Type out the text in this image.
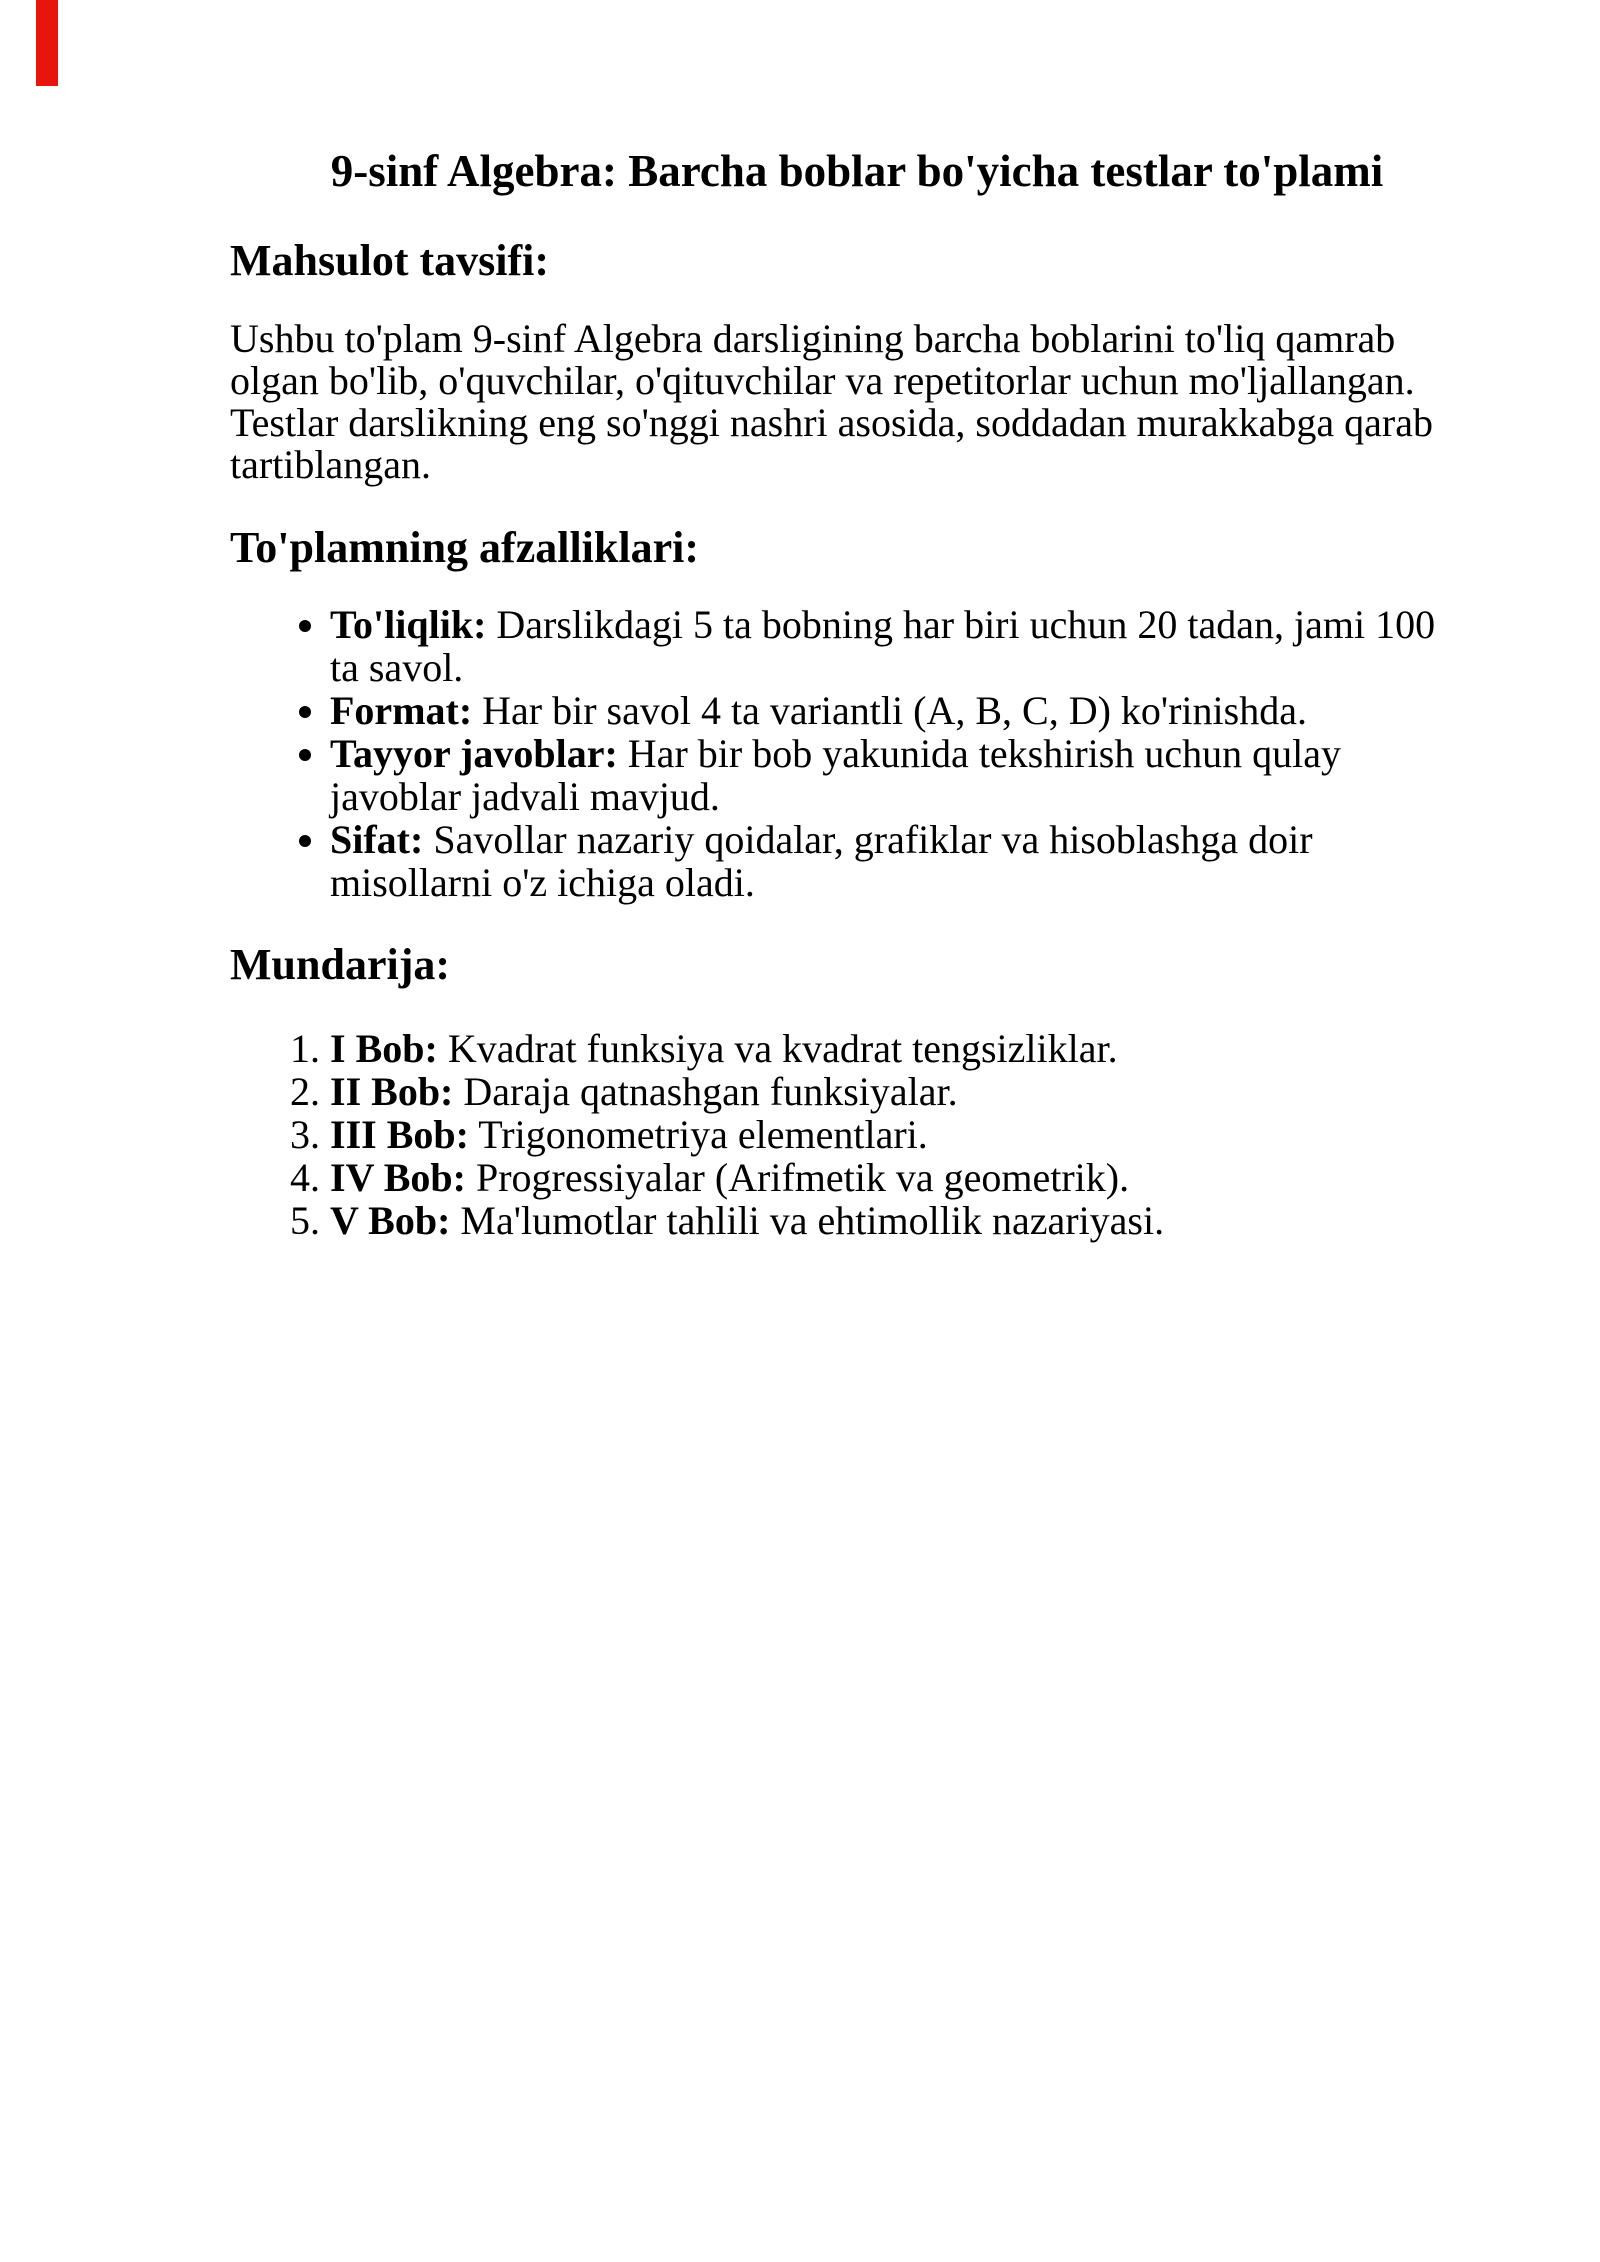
9-sinf Algebra: Barcha boblar bo'yicha testlar to'plami
Mahsulot tavsifi:

Ushbu to'plam 9-sinf Algebra darsligining barcha boblarini to'liq qamrab olgan bo'lib, o'quvchilar, o'qituvchilar va repetitorlar uchun mo'ljallangan. Testlar darslikning eng so'nggi nashri asosida, soddadan murakkabga qarab tartiblangan.

To'plamning afzalliklari:
• To'liqlik: Darslikdagi 5 ta bobning har biri uchun 20 tadan, jami 100 ta savol.
• Format: Har bir savol 4 ta variantli (A, B, C, D) ko'rinishda.
• Tayyor javoblar: Har bir bob yakunida tekshirish uchun qulay javoblar jadvali mavjud.
• Sifat: Savollar nazariy qoidalar, grafiklar va hisoblashga doir misollarni o'z ichiga oladi.
Mundarija:
1. I Bob: Kvadrat funksiya va kvadrat tengsizliklar.
2. II Bob: Daraja qatnashgan funksiyalar.
3. III Bob: Trigonometriya elementlari.
4. IV Bob: Progressiyalar (Arifmetik va geometrik).
5. V Bob: Ma'lumotlar tahlili va ehtimollik nazariyasi.
